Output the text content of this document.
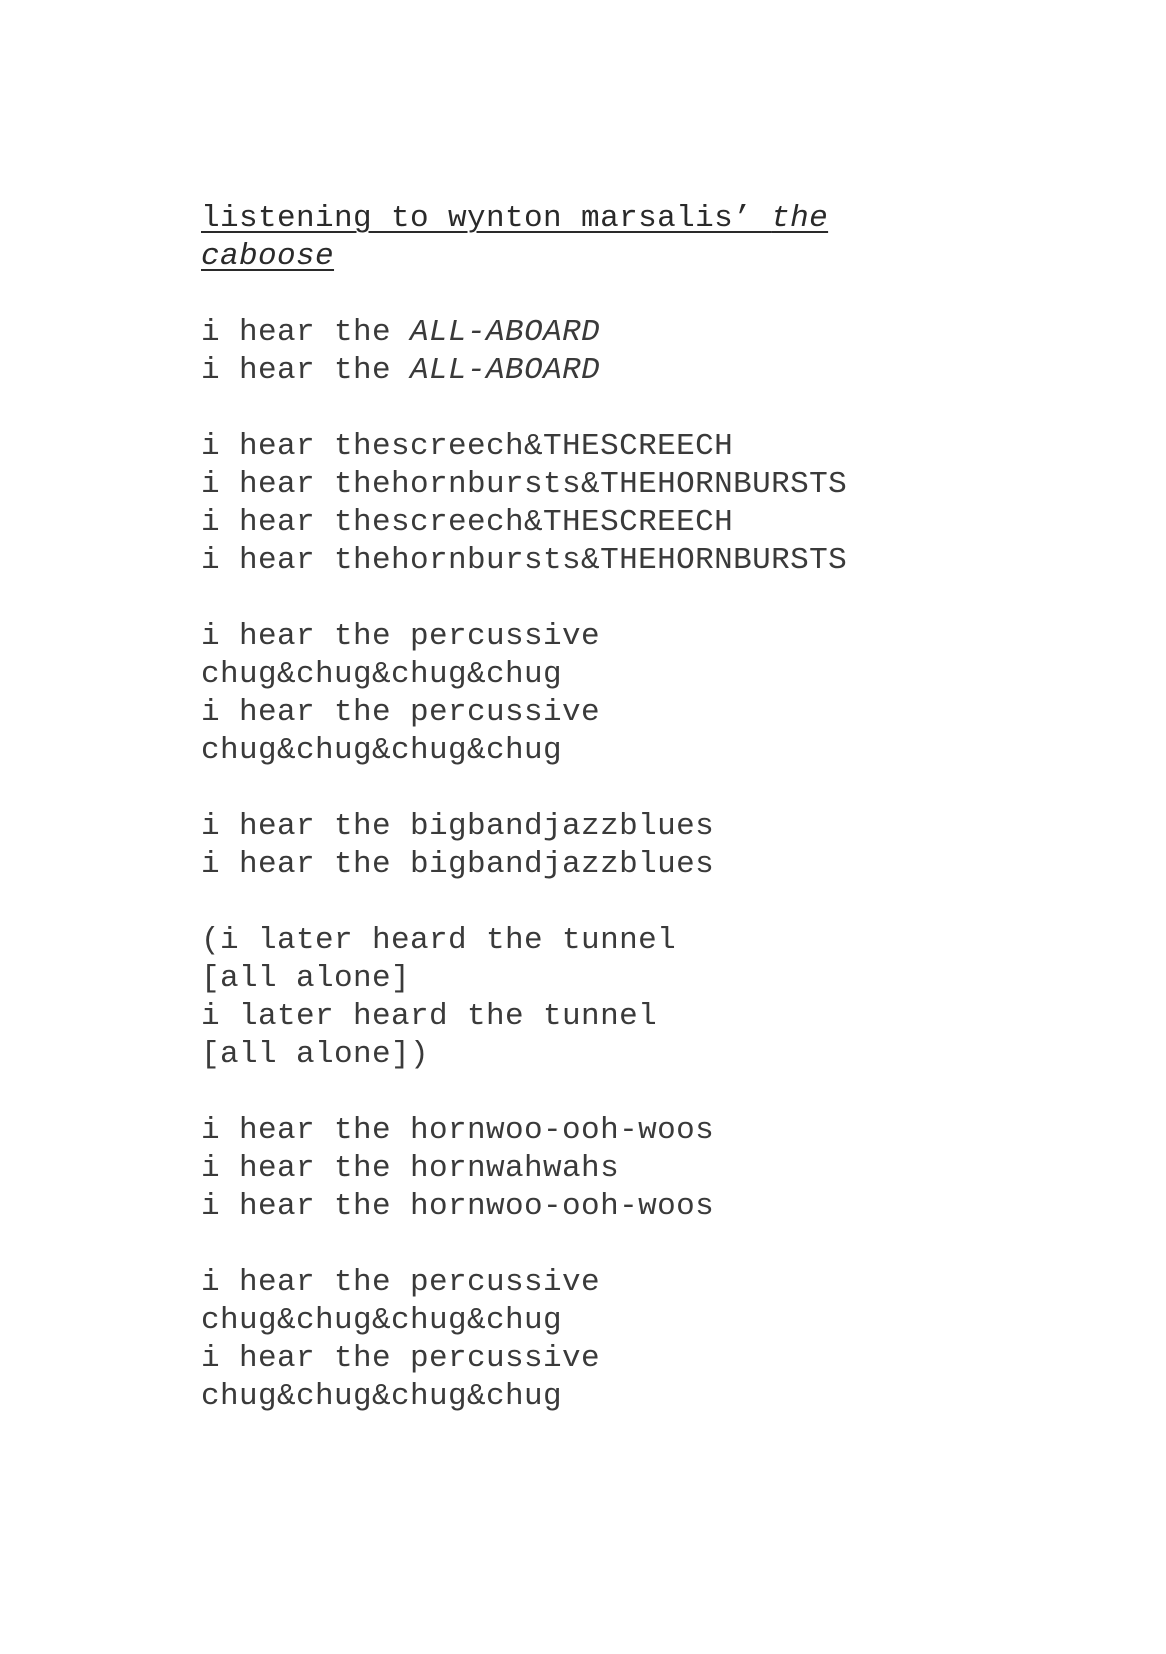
listening to wynton marsalis’ the
caboose
i hear the ALL-ABOARD
i hear the ALL-ABOARD
i hear thescreech&THESCREECH
i hear thehornbursts&THEHORNBURSTS
i hear thescreech&THESCREECH
i hear thehornbursts&THEHORNBURSTS
i hear the percussive
chug&chug&chug&chug
i hear the percussive
chug&chug&chug&chug
i hear the bigbandjazzblues
i hear the bigbandjazzblues
(i later heard the tunnel
[all alone]
i later heard the tunnel
[all alone])
i hear the hornwoo-ooh-woos
i hear the hornwahwahs
i hear the hornwoo-ooh-woos
i hear the percussive
chug&chug&chug&chug
i hear the percussive
chug&chug&chug&chug
